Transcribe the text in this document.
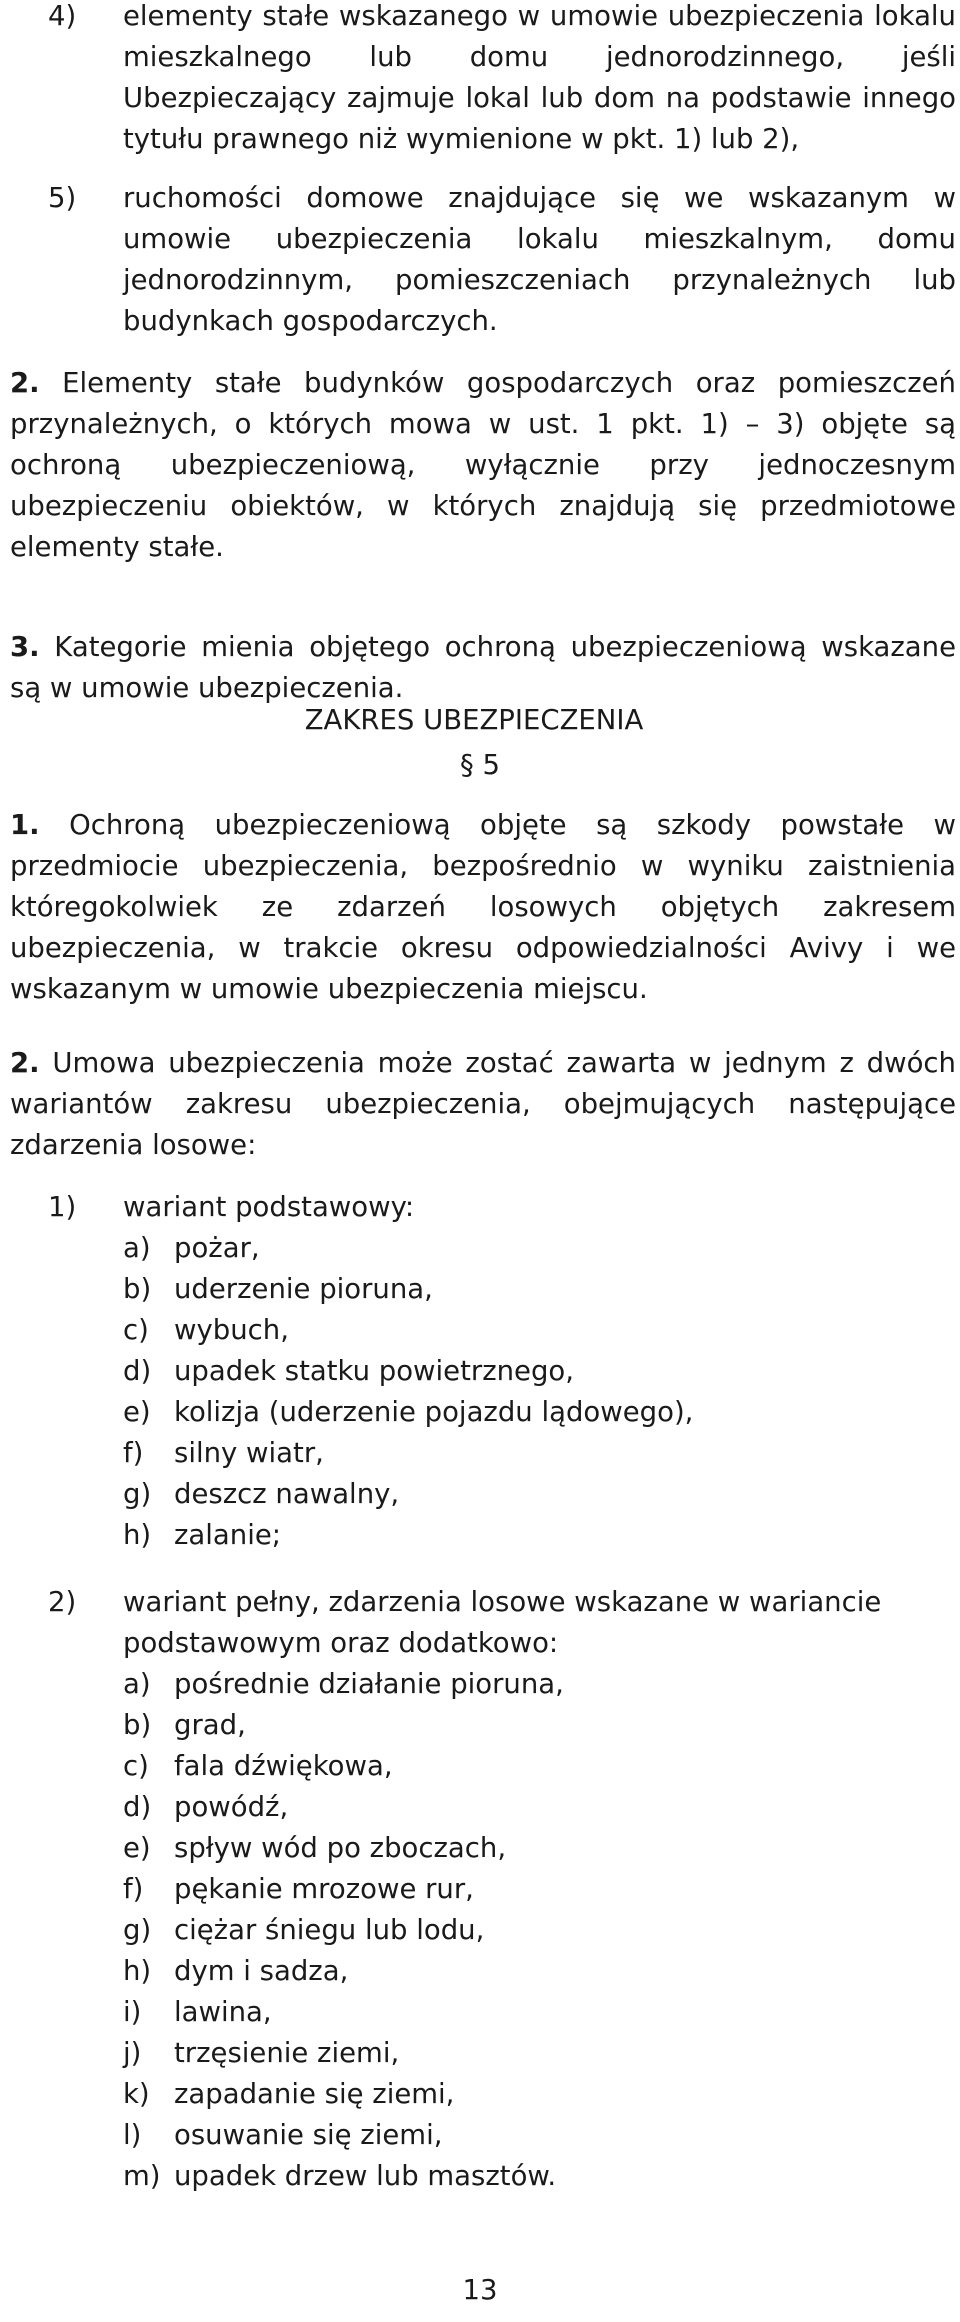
4) elementy stałe wskazanego w umowie ubezpieczenia lokalu mieszkalnego lub domu jednorodzinnego, jeśli Ubezpieczający zajmuje lokal lub dom na podstawie innego tytułu prawnego niż wymienione w pkt. 1) lub 2),
5) ruchomości domowe znajdujące się we wskazanym w umowie ubezpieczenia lokalu mieszkalnym, domu jednorodzinnym, pomieszczeniach przynależnych lub budynkach gospodarczych.

2. Elementy stałe budynków gospodarczych oraz pomieszczeń przynależnych, o których mowa w ust. 1 pkt. 1) – 3) objęte są ochroną ubezpieczeniową, wyłącznie przy jednoczesnym ubezpieczeniu obiektów, w których znajdują się przedmiotowe elementy stałe.

3. Kategorie mienia objętego ochroną ubezpieczeniową wskazane są w umowie ubezpieczenia.

ZAKRES UBEZPIECZENIA

§ 5

1. Ochroną ubezpieczeniową objęte są szkody powstałe w przedmiocie ubezpieczenia, bezpośrednio w wyniku zaistnienia któregokolwiek ze zdarzeń losowych objętych zakresem ubezpieczenia, w trakcie okresu odpowiedzialności Avivy i we wskazanym w umowie ubezpieczenia miejscu.

2. Umowa ubezpieczenia może zostać zawarta w jednym z dwóch wariantów zakresu ubezpieczenia, obejmujących następujące zdarzenia losowe:

1) wariant podstawowy:
a) pożar,
b) uderzenie pioruna,
c) wybuch,
d) upadek statku powietrznego,
e) kolizja (uderzenie pojazdu lądowego),
f) silny wiatr,
g) deszcz nawalny,
h) zalanie;
2) wariant pełny, zdarzenia losowe wskazane w wariancie podstawowym oraz dodatkowo:
a) pośrednie działanie pioruna,
b) grad,
c) fala dźwiękowa,
d) powódź,
e) spływ wód po zboczach,
f) pękanie mrozowe rur,
g) ciężar śniegu lub lodu,
h) dym i sadza,
i) lawina,
j) trzęsienie ziemi,
k) zapadanie się ziemi,
l) osuwanie się ziemi,
m) upadek drzew lub masztów.

13
